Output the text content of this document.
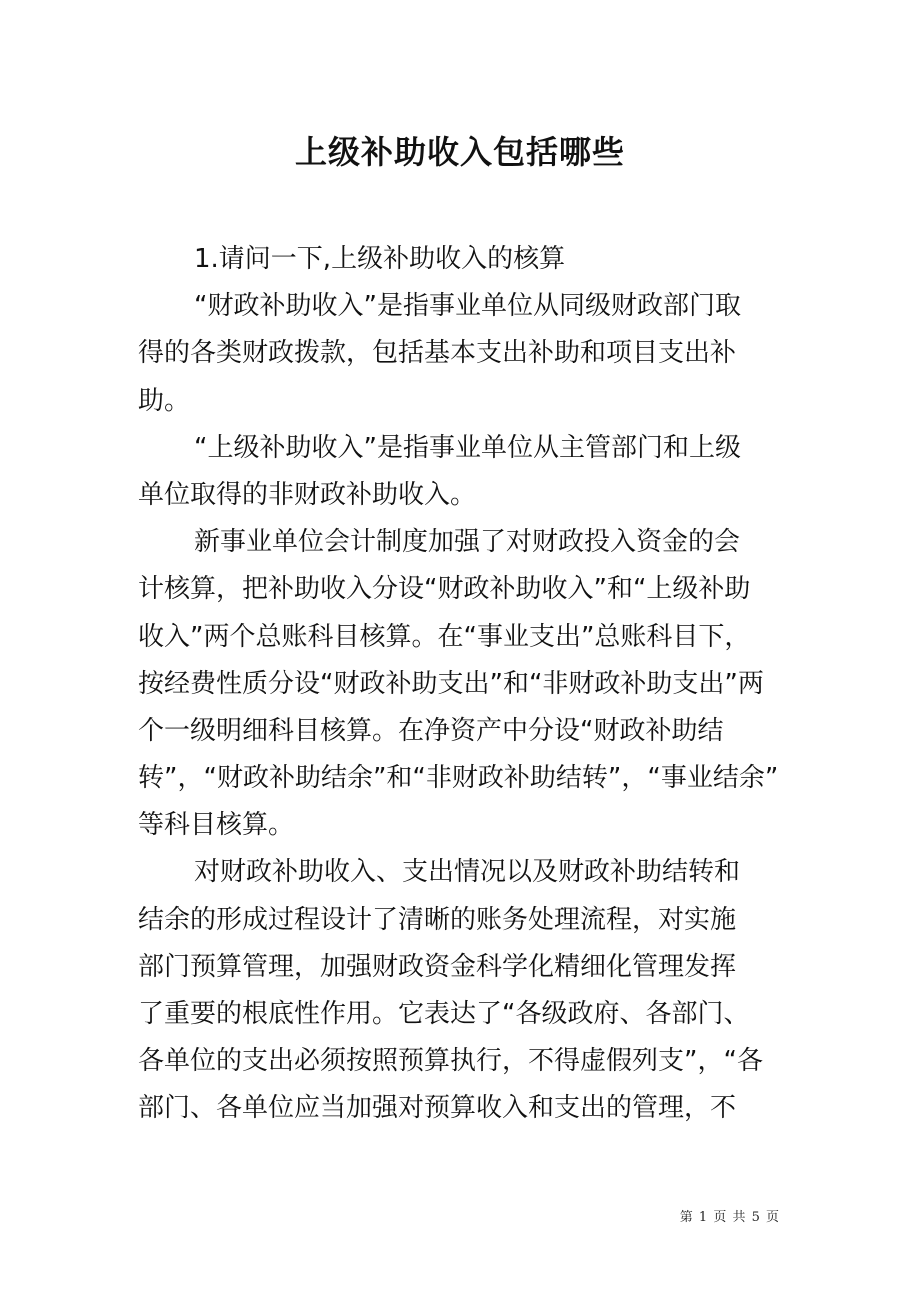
上级补助收入包括哪些
1.请问一下,上级补助收入的核算
“财政补助收入”是指事业单位从同级财政部门取
得的各类财政拨款，包括基本支出补助和项目支出补
助。
“上级补助收入”是指事业单位从主管部门和上级
单位取得的非财政补助收入。
新事业单位会计制度加强了对财政投入资金的会
计核算，把补助收入分设“财政补助收入”和“上级补助
收入”两个总账科目核算。在“事业支出”总账科目下，
按经费性质分设“财政补助支出”和“非财政补助支出”两
个一级明细科目核算。在净资产中分设“财政补助结
转”，“财政补助结余”和“非财政补助结转”，“事业结余”
等科目核算。
对财政补助收入、支出情况以及财政补助结转和
结余的形成过程设计了清晰的账务处理流程，对实施
部门预算管理，加强财政资金科学化精细化管理发挥
了重要的根底性作用。它表达了“各级政府、各部门、
各单位的支出必须按照预算执行，不得虚假列支”，“各
部门、各单位应当加强对预算收入和支出的管理，不
第 1 页 共 5 页
